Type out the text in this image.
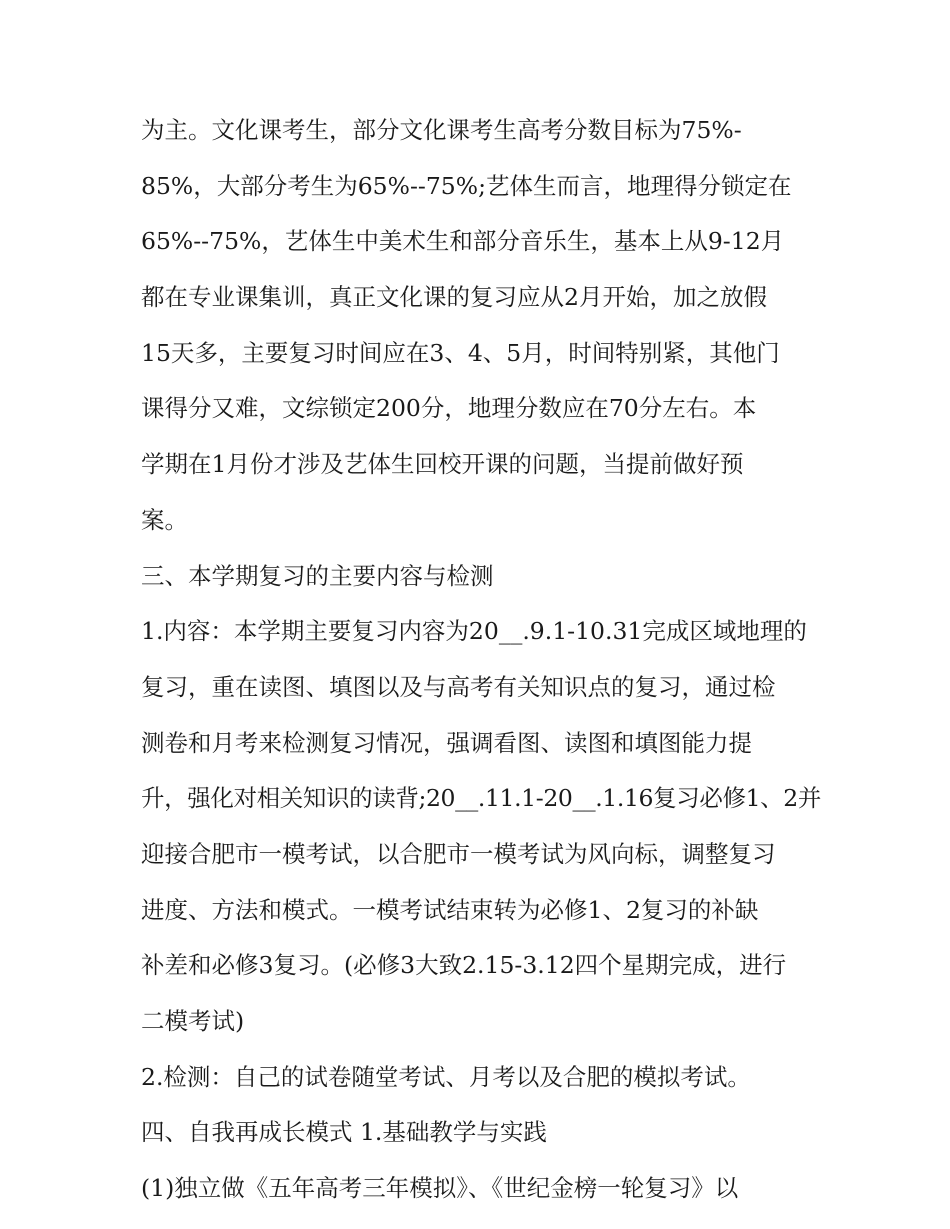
为主。文化课考生，部分文化课考生高考分数目标为75%-
85%，大部分考生为65%--75%;艺体生而言，地理得分锁定在
65%--75%，艺体生中美术生和部分音乐生，基本上从9-12月
都在专业课集训，真正文化课的复习应从2月开始，加之放假
15天多，主要复习时间应在3、4、5月，时间特别紧，其他门
课得分又难，文综锁定200分，地理分数应在70分左右。本
学期在1月份才涉及艺体生回校开课的问题，当提前做好预
案。
三、本学期复习的主要内容与检测
1.内容：本学期主要复习内容为20__.9.1-10.31完成区域地理的
复习，重在读图、填图以及与高考有关知识点的复习，通过检
测卷和月考来检测复习情况，强调看图、读图和填图能力提
升，强化对相关知识的读背;20__.11.1-20__.1.16复习必修1、2并
迎接合肥市一模考试，以合肥市一模考试为风向标，调整复习
进度、方法和模式。一模考试结束转为必修1、2复习的补缺
补差和必修3复习。(必修3大致2.15-3.12四个星期完成，进行
二模考试)
2.检测：自己的试卷随堂考试、月考以及合肥的模拟考试。
四、自我再成长模式 1.基础教学与实践
(1)独立做《五年高考三年模拟》、《世纪金榜一轮复习》以
